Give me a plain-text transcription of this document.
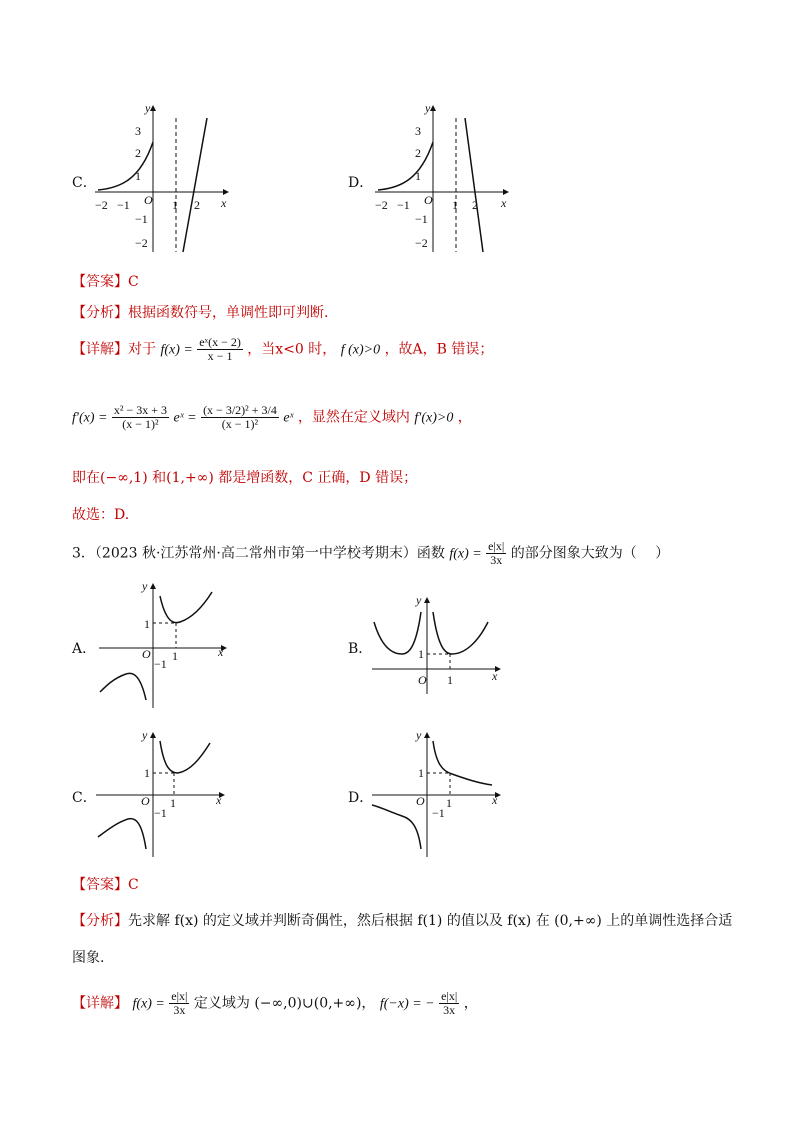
C．
y
3
2
1
O
−2 −1	1 2 x
−1
−2
D．
y
3
2
1
O
−2 −1	1 2 x
−1
−2
【答案】C
【分析】根据函数符号，单调性即可判断.
【详解】对于 $f(x) = \frac{\text{eˣ(x − 2)}}{x - 1}$ ，当x<0 时， f (x)>0 ，故A，B 错误；
$f'(x) = \frac{\text{x² − 3x + 3}}{\text{(x − 1)²}}$ eˣ = $\frac{\text{(x − 3/2)² + 3/4}}{\text{(x − 1)²}}$ eˣ ，显然在定义域内 f′(x)>0 ，
即在(−∞,1) 和(1,+∞) 都是增函数，C 正确，D 错误；
故选：D.
3．（2023 秋·江苏常州·高二常州市第一中学校考期末）函数 $f(x) = \frac{e|x|}{3x}$ 的部分图象大致为（　 ）
A．
y
1
O 1
−1
x	B．
y
1
O 1	x
C．
y
1
O 1
−1
x	D．
y
1
O 1
−1
x
【答案】C
【分析】先求解 f(x) 的定义域并判断奇偶性，然后根据 f(1) 的值以及 f(x) 在 (0,+∞) 上的单调性选择合适
图象.
【详解】 $f(x) = \frac{e|x|}{3x}$ 定义域为 (−∞,0)∪(0,+∞)， f(−x) = − $\frac{e|x|}{3x}$ ，
